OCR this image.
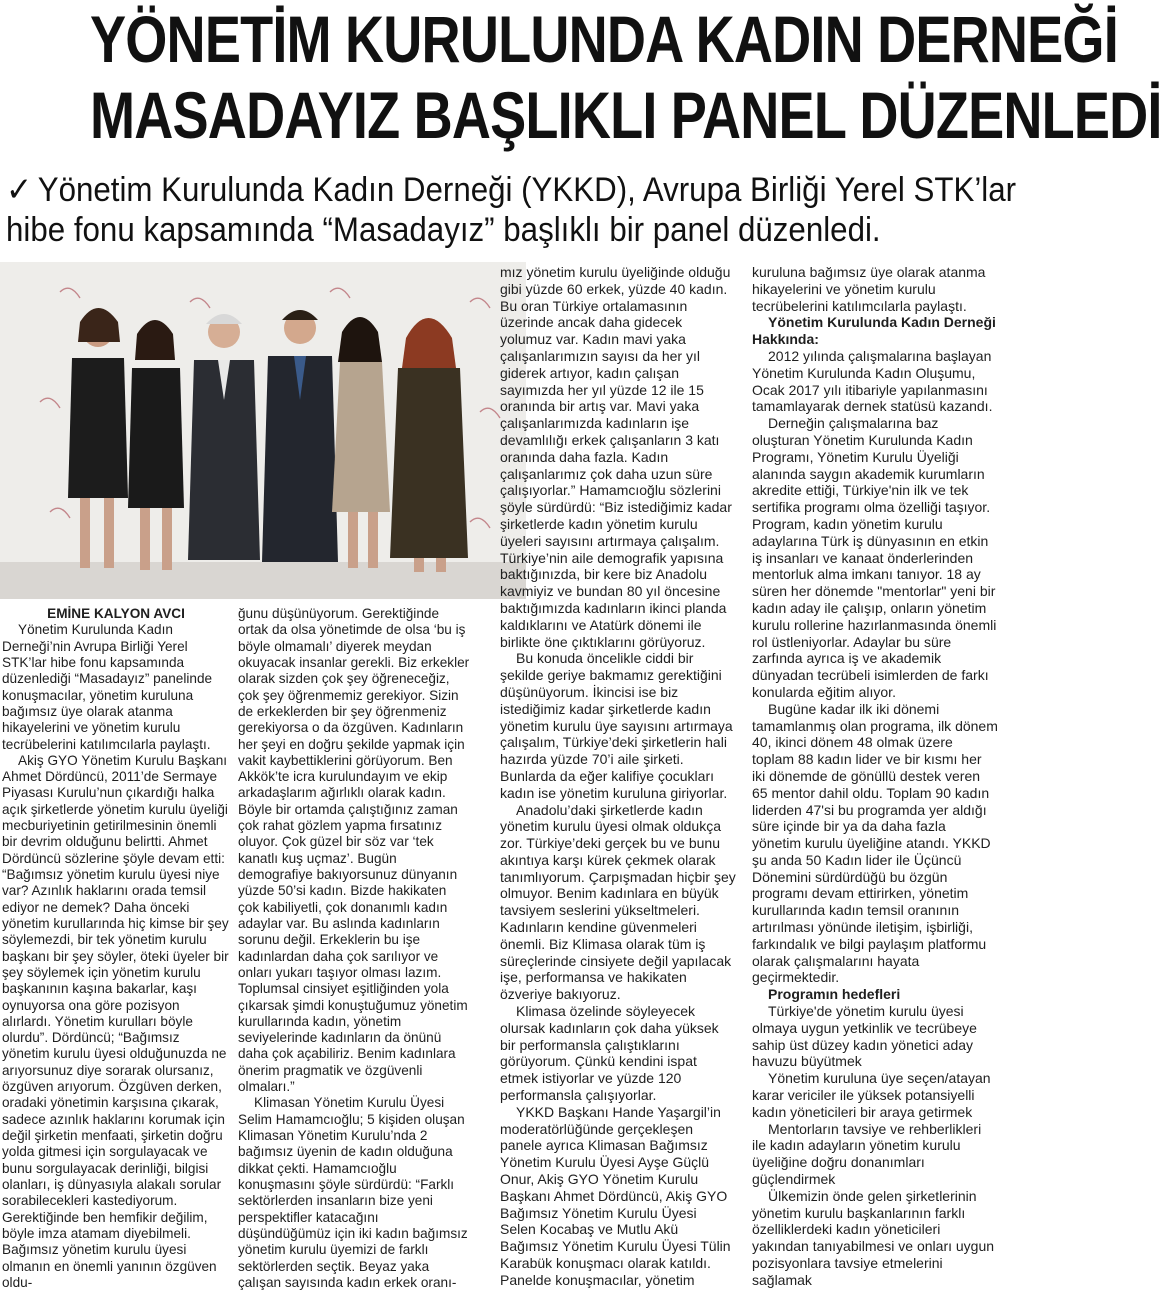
YÖNETİM KURULUNDA KADIN DERNEĞİ
MASADAYIZ BAŞLIKLI PANEL DÜZENLEDİ
✓ Yönetim Kurulunda Kadın Derneği (YKKD), Avrupa Birliği Yerel STK’lar
hibe fonu kapsamında “Masadayız” başlıklı bir panel düzenledi.

EMİNE KALYON AVCI

Yönetim Kurulunda Kadın Derneği’nin Avrupa Birliği Yerel STK’lar hibe fonu kapsamında düzenlediği “Masadayız” panelinde konuşmacılar, yönetim kuruluna bağımsız üye olarak atanma hikayelerini ve yönetim kurulu tecrübelerini katılımcılarla paylaştı.

Akiş GYO Yönetim Kurulu Başkanı Ahmet Dördüncü, 2011’de Sermaye Piyasası Kurulu’nun çıkardığı halka açık şirketlerde yönetim kurulu üyeliği mecburiyetinin getirilmesinin önemli bir devrim olduğunu belirtti. Ahmet Dördüncü sözlerine şöyle devam etti: “Bağımsız yönetim kurulu üyesi niye var? Azınlık haklarını orada temsil ediyor ne demek? Daha önceki yönetim kurullarında hiç kimse bir şey söylemezdi, bir tek yönetim kurulu başkanı bir şey söyler, öteki üyeler bir şey söylemek için yönetim kurulu başkanının kaşına bakarlar, kaşı oynuyorsa ona göre pozisyon alırlardı. Yönetim kurulları böyle olurdu”. Dördüncü; “Bağımsız yönetim kurulu üyesi olduğunuzda ne arıyorsunuz diye sorarak olursanız, özgüven arıyorum. Özgüven derken, oradaki yönetimin karşısına çıkarak, sadece azınlık haklarını korumak için değil şirketin menfaati, şirketin doğru yolda gitmesi için sorgulayacak ve bunu sorgulayacak derinliği, bilgisi olanları, iş dünyasıyla alakalı sorular sorabilecekleri kastediyorum. Gerektiğinde ben hemfikir değilim, böyle imza atamam diyebilmeli. Bağımsız yönetim kurulu üyesi olmanın en önemli yanının özgüven oldu-

ğunu düşünüyorum. Gerektiğinde ortak da olsa yönetimde de olsa ‘bu iş böyle olmamalı’ diyerek meydan okuyacak insanlar gerekli. Biz erkekler olarak sizden çok şey öğreneceğiz, çok şey öğrenmemiz gerekiyor. Sizin de erkeklerden bir şey öğrenmeniz gerekiyorsa o da özgüven. Kadınların her şeyi en doğru şekilde yapmak için vakit kaybettiklerini görüyorum. Ben Akkök’te icra kurulundayım ve ekip arkadaşlarım ağırlıklı olarak kadın. Böyle bir ortamda çalıştığınız zaman çok rahat gözlem yapma fırsatınız oluyor. Çok güzel bir söz var ‘tek kanatlı kuş uçmaz’. Bugün demografiye bakıyorsunuz dünyanın yüzde 50’si kadın. Bizde hakikaten çok kabiliyetli, çok donanımlı kadın adaylar var. Bu aslında kadınların sorunu değil. Erkeklerin bu işe kadınlardan daha çok sarılıyor ve onları yukarı taşıyor olması lazım. Toplumsal cinsiyet eşitliğinden yola çıkarsak şimdi konuştuğumuz yönetim kurullarında kadın, yönetim seviyelerinde kadınların da önünü daha çok açabiliriz. Benim kadınlara önerim pragmatik ve özgüvenli olmaları.”

Klimasan Yönetim Kurulu Üyesi Selim Hamamcıoğlu; 5 kişiden oluşan Klimasan Yönetim Kurulu’nda 2 bağımsız üyenin de kadın olduğuna dikkat çekti. Hamamcıoğlu konuşmasını şöyle sürdürdü: “Farklı sektörlerden insanların bize yeni perspektifler katacağını düşündüğümüz için iki kadın bağımsız yönetim kurulu üyemizi de farklı sektörlerden seçtik. Beyaz yaka çalışan sayısında kadın erkek oranı-

mız yönetim kurulu üyeliğinde olduğu gibi yüzde 60 erkek, yüzde 40 kadın. Bu oran Türkiye ortalamasının üzerinde ancak daha gidecek yolumuz var. Kadın mavi yaka çalışanlarımızın sayısı da her yıl giderek artıyor, kadın çalışan sayımızda her yıl yüzde 12 ile 15 oranında bir artış var. Mavi yaka çalışanlarımızda kadınların işe devamlılığı erkek çalışanların 3 katı oranında daha fazla. Kadın çalışanlarımız çok daha uzun süre çalışıyorlar.” Hamamcıoğlu sözlerini şöyle sürdürdü: “Biz istediğimiz kadar şirketlerde kadın yönetim kurulu üyeleri sayısını artırmaya çalışalım. Türkiye’nin aile demografik yapısına baktığınızda, bir kere biz Anadolu kavmiyiz ve bundan 80 yıl öncesine baktığımızda kadınların ikinci planda kaldıklarını ve Atatürk dönemi ile birlikte öne çıktıklarını görüyoruz.

Bu konuda öncelikle ciddi bir şekilde geriye bakmamız gerektiğini düşünüyorum. İkincisi ise biz istediğimiz kadar şirketlerde kadın yönetim kurulu üye sayısını artırmaya çalışalım, Türkiye’deki şirketlerin hali hazırda yüzde 70’i aile şirketi. Bunlarda da eğer kalifiye çocukları kadın ise yönetim kuruluna giriyorlar.

Anadolu’daki şirketlerde kadın yönetim kurulu üyesi olmak oldukça zor. Türkiye’deki gerçek bu ve bunu akıntıya karşı kürek çekmek olarak tanımlıyorum. Çarpışmadan hiçbir şey olmuyor. Benim kadınlara en büyük tavsiyem seslerini yükseltmeleri. Kadınların kendine güvenmeleri önemli. Biz Klimasa olarak tüm iş süreçlerinde cinsiyete değil yapılacak işe, performansa ve hakikaten özveriye bakıyoruz.

Klimasa özelinde söyleyecek olursak kadınların çok daha yüksek bir performansla çalıştıklarını görüyorum. Çünkü kendini ispat etmek istiyorlar ve yüzde 120 performansla çalışıyorlar.

YKKD Başkanı Hande Yaşargil’in moderatörlüğünde gerçekleşen panele ayrıca Klimasan Bağımsız Yönetim Kurulu Üyesi Ayşe Güçlü Onur, Akiş GYO Yönetim Kurulu Başkanı Ahmet Dördüncü, Akiş GYO Bağımsız Yönetim Kurulu Üyesi Selen Kocabaş ve Mutlu Akü Bağımsız Yönetim Kurulu Üyesi Tülin Karabük konuşmacı olarak katıldı. Panelde konuşmacılar, yönetim

kuruluna bağımsız üye olarak atanma hikayelerini ve yönetim kurulu tecrübelerini katılımcılarla paylaştı.

Yönetim Kurulunda Kadın Derneği Hakkında:

2012 yılında çalışmalarına başlayan Yönetim Kurulunda Kadın Oluşumu, Ocak 2017 yılı itibariyle yapılanmasını tamamlayarak dernek statüsü kazandı.

Derneğin çalışmalarına baz oluşturan Yönetim Kurulunda Kadın Programı, Yönetim Kurulu Üyeliği alanında saygın akademik kurumların akredite ettiği, Türkiye'nin ilk ve tek sertifika programı olma özelliği taşıyor. Program, kadın yönetim kurulu adaylarına Türk iş dünyasının en etkin iş insanları ve kanaat önderlerinden mentorluk alma imkanı tanıyor. 18 ay süren her dönemde "mentorlar" yeni bir kadın aday ile çalışıp, onların yönetim kurulu rollerine hazırlanmasında önemli rol üstleniyorlar. Adaylar bu süre zarfında ayrıca iş ve akademik dünyadan tecrübeli isimlerden de farkı konularda eğitim alıyor.

Bugüne kadar ilk iki dönemi tamamlanmış olan programa, ilk dönem 40, ikinci dönem 48 olmak üzere toplam 88 kadın lider ve bir kısmı her iki dönemde de gönüllü destek veren 65 mentor dahil oldu. Toplam 90 kadın liderden 47'si bu programda yer aldığı süre içinde bir ya da daha fazla yönetim kurulu üyeliğine atandı. YKKD şu anda 50 Kadın lider ile Üçüncü Dönemini sürdürdüğü bu özgün programı devam ettirirken, yönetim kurullarında kadın temsil oranının artırılması yönünde iletişim, işbirliği, farkındalık ve bilgi paylaşım platformu olarak çalışmalarını hayata geçirmektedir.

Programın hedefleri

Türkiye'de yönetim kurulu üyesi olmaya uygun yetkinlik ve tecrübeye sahip üst düzey kadın yönetici aday havuzu büyütmek

Yönetim kuruluna üye seçen/atayan karar vericiler ile yüksek potansiyelli kadın yöneticileri bir araya getirmek

Mentorların tavsiye ve rehberlikleri ile kadın adayların yönetim kurulu üyeliğine doğru donanımları güçlendirmek

Ülkemizin önde gelen şirketlerinin yönetim kurulu başkanlarının farklı özelliklerdeki kadın yöneticileri yakından tanıyabilmesi ve onları uygun pozisyonlara tavsiye etmelerini sağlamak
